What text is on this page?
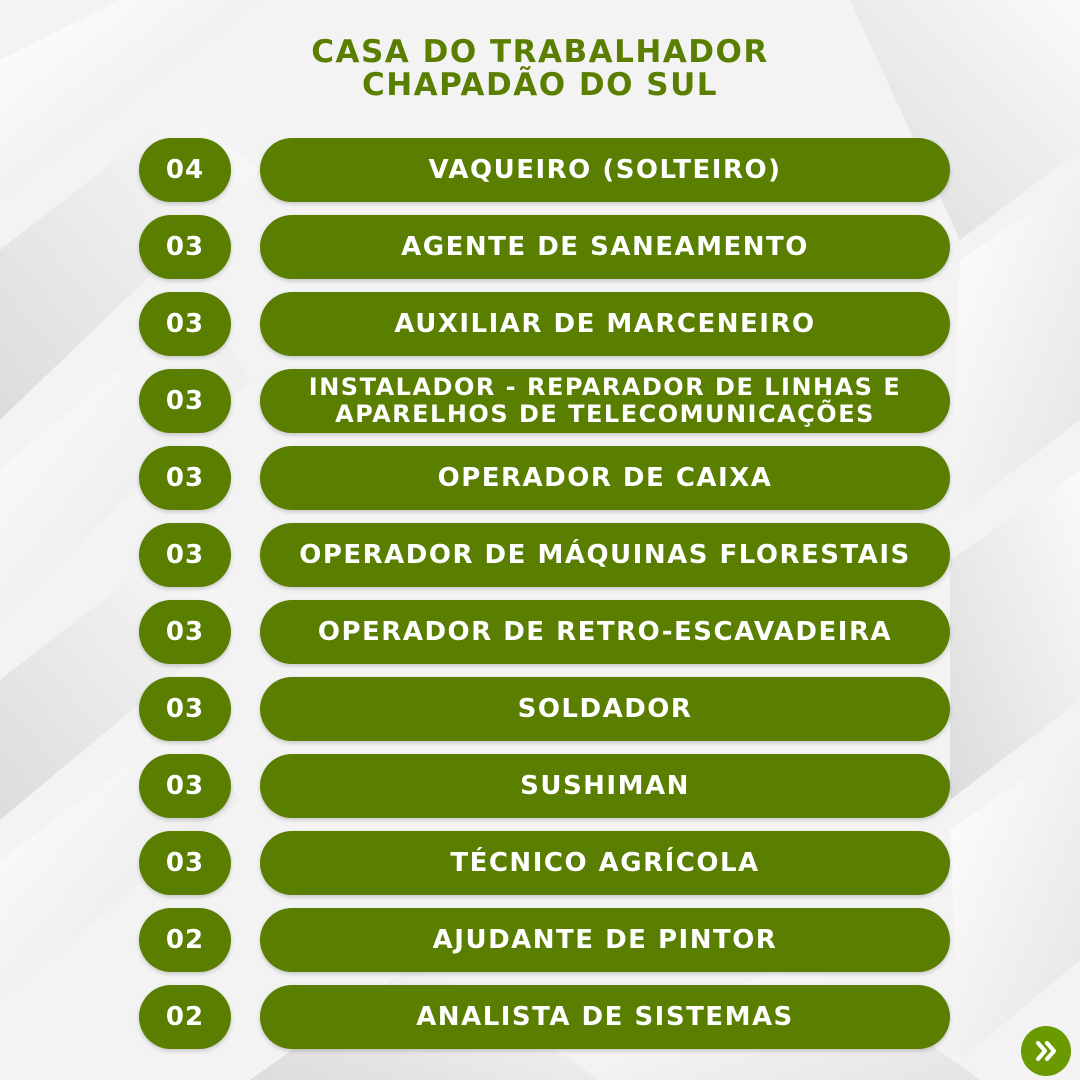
CASA DO TRABALHADOR
CHAPADÃO DO SUL
04	VAQUEIRO (SOLTEIRO)
03	AGENTE DE SANEAMENTO
03	AUXILIAR DE MARCENEIRO
03	INSTALADOR - REPARADOR DE LINHAS E APARELHOS DE TELECOMUNICAÇÕES
03	OPERADOR DE CAIXA
03	OPERADOR DE MÁQUINAS FLORESTAIS
03	OPERADOR DE RETRO-ESCAVADEIRA
03	SOLDADOR
03	SUSHIMAN
03	TÉCNICO AGRÍCOLA
02	AJUDANTE DE PINTOR
02	ANALISTA DE SISTEMAS
